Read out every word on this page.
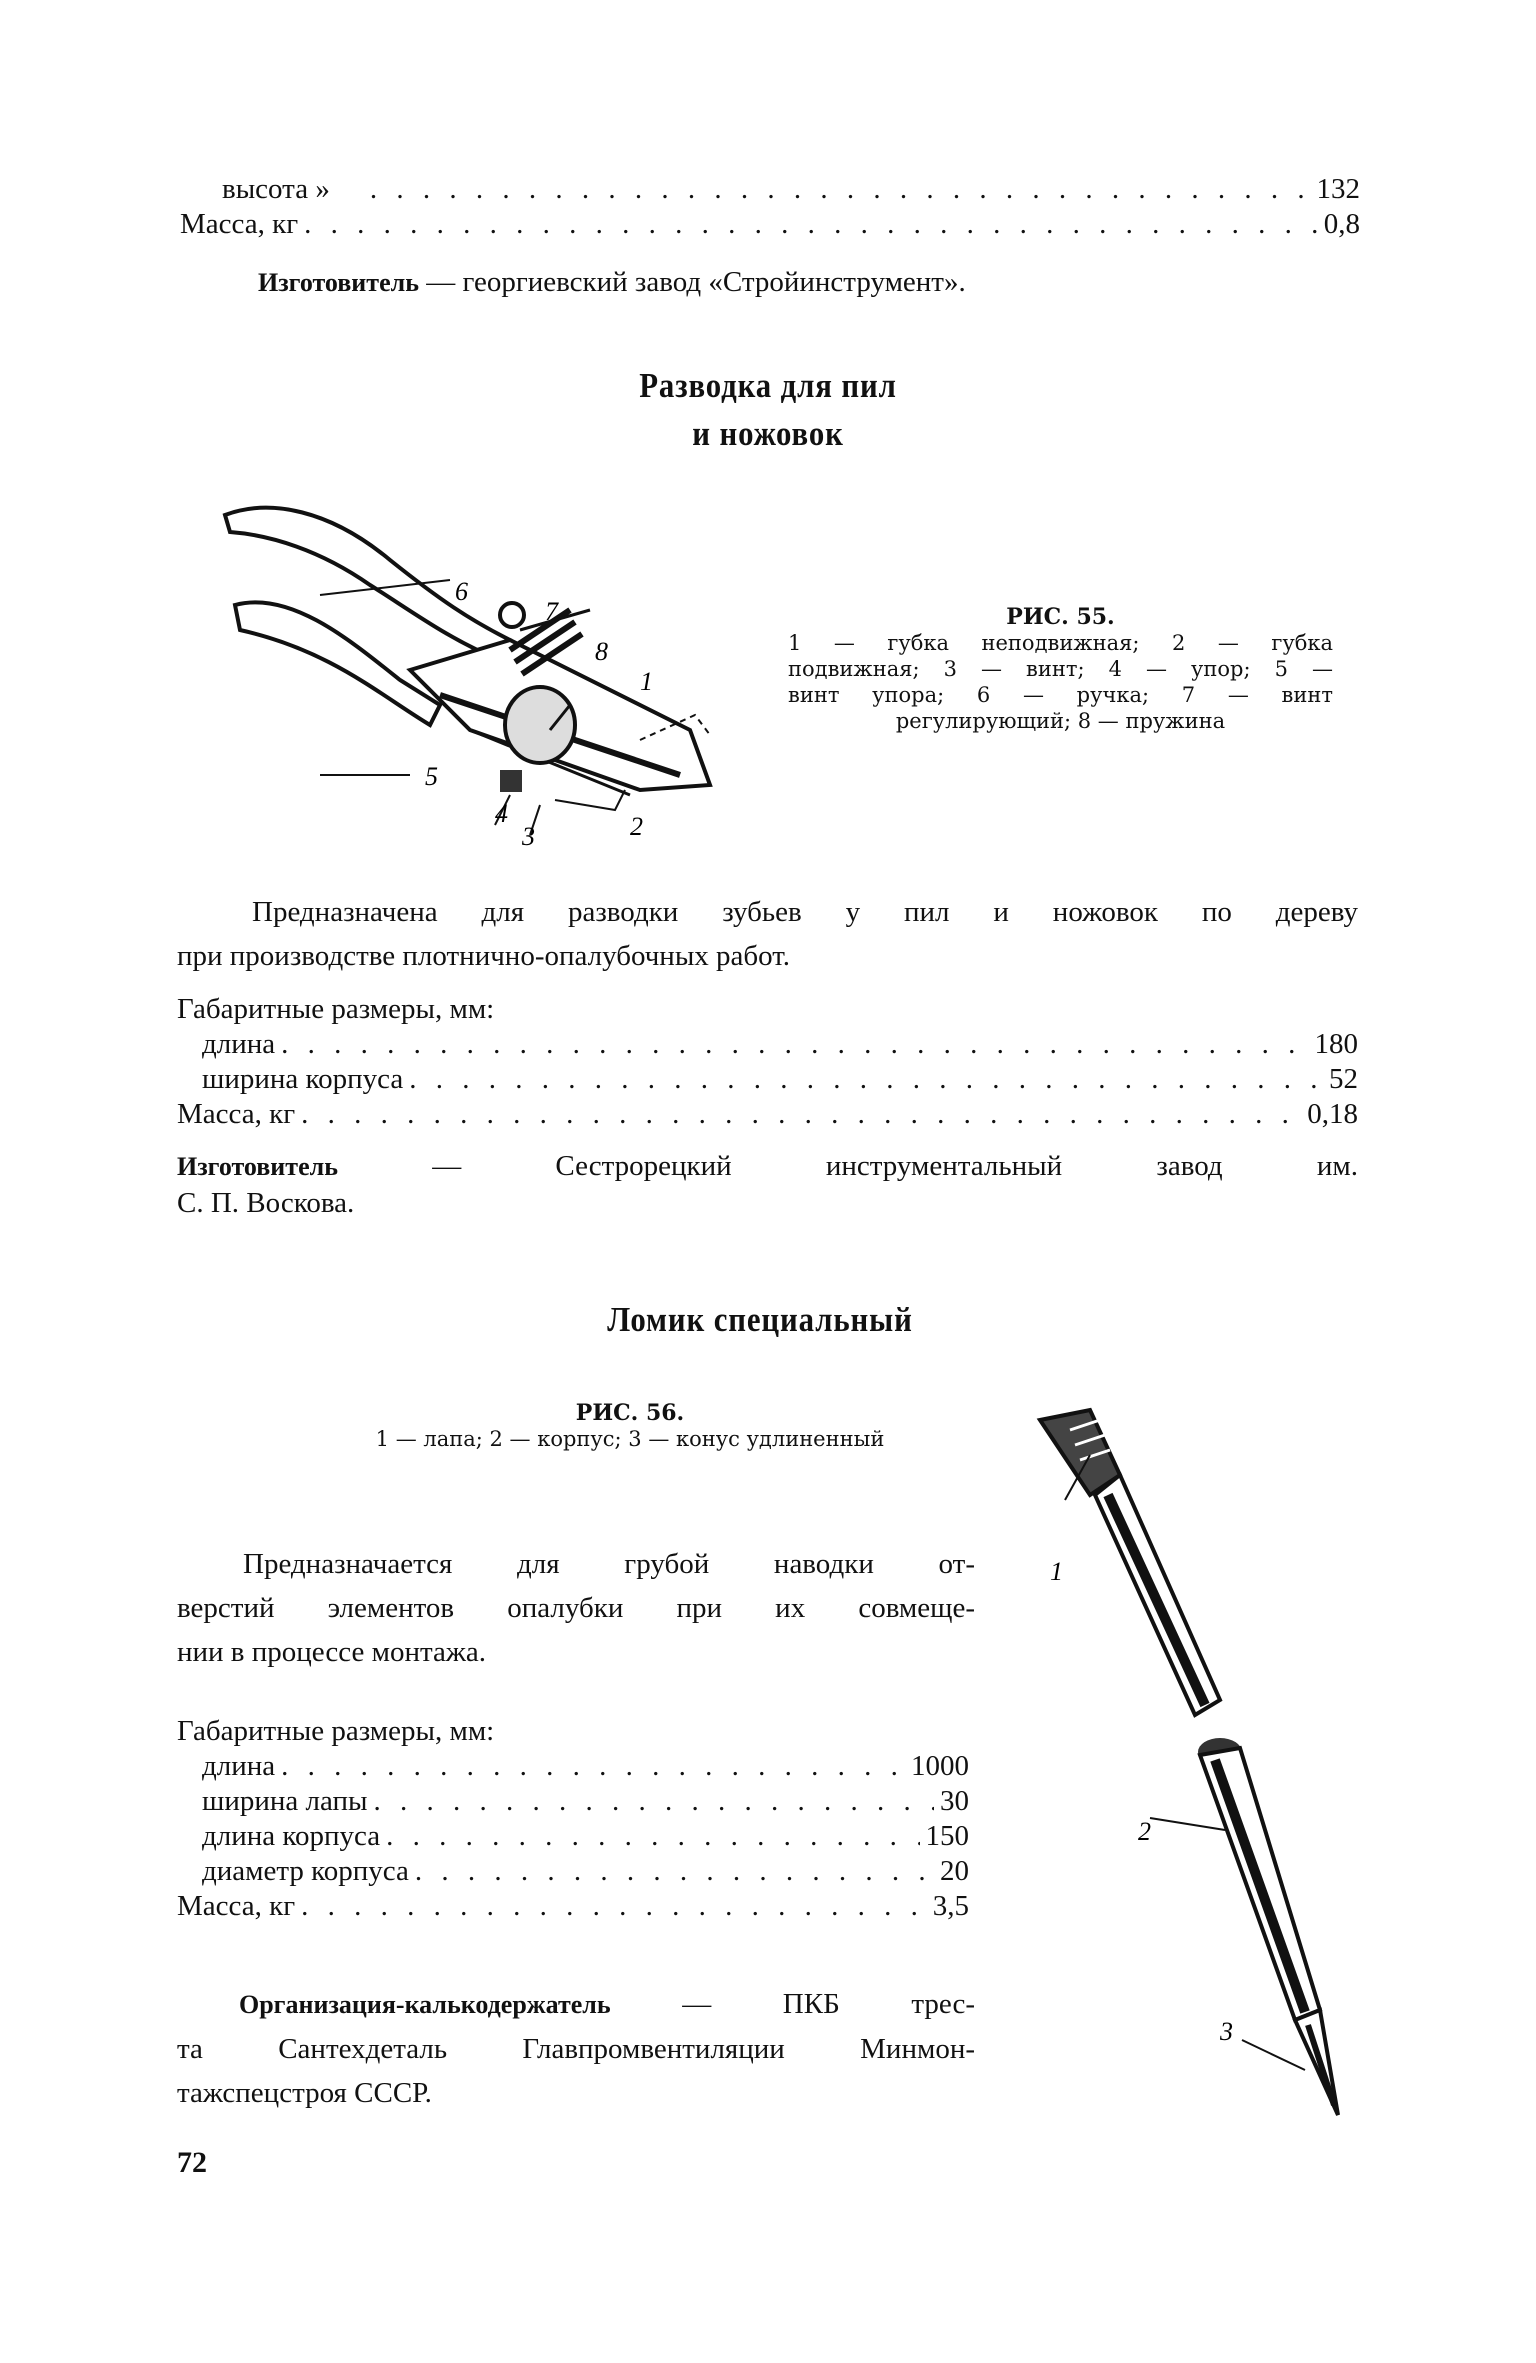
высота » . . .	132
Масса, кг . . .	0,8
Изготовитель — георгиевский завод «Стройинструмент».
Разводка для пил
и ножовок
6
7
8
1
5
4
3	2
РИС. 55.
1 — губка неподвижная; 2 — губка
подвижная; 3 — винт; 4 — упор; 5 —
винт упора; 6 — ручка; 7 — винт
регулирующий; 8 — пружина
Предназначена для разводки зубьев у пил и ножовок по дереву
при производстве плотнично-опалубочных работ.
Габаритные размеры, мм:
длина . . .	180
ширина корпуса . . .	52
Масса, кг . . .	0,18
Изготовитель — Сестрорецкий инструментальный завод им.
С. П. Воскова.
Ломик специальный
РИС. 56.
1 — лапа; 2 — корпус; 3 — конус удлиненный
Предназначается для грубой наводки от-
верстий элементов опалубки при их совмеще-
нии в процессе монтажа.
Габаритные размеры, мм:
длина . . .	1000
ширина лапы . . .	30
длина корпуса . . .	150
диаметр корпуса . . .	20
Масса, кг . . .	3,5
Организация-калькодержатель — ПКБ трес-
та Сантехдеталь Главпромвентиляции Минмон-
тажспецстроя СССР.
1
2
3
72
